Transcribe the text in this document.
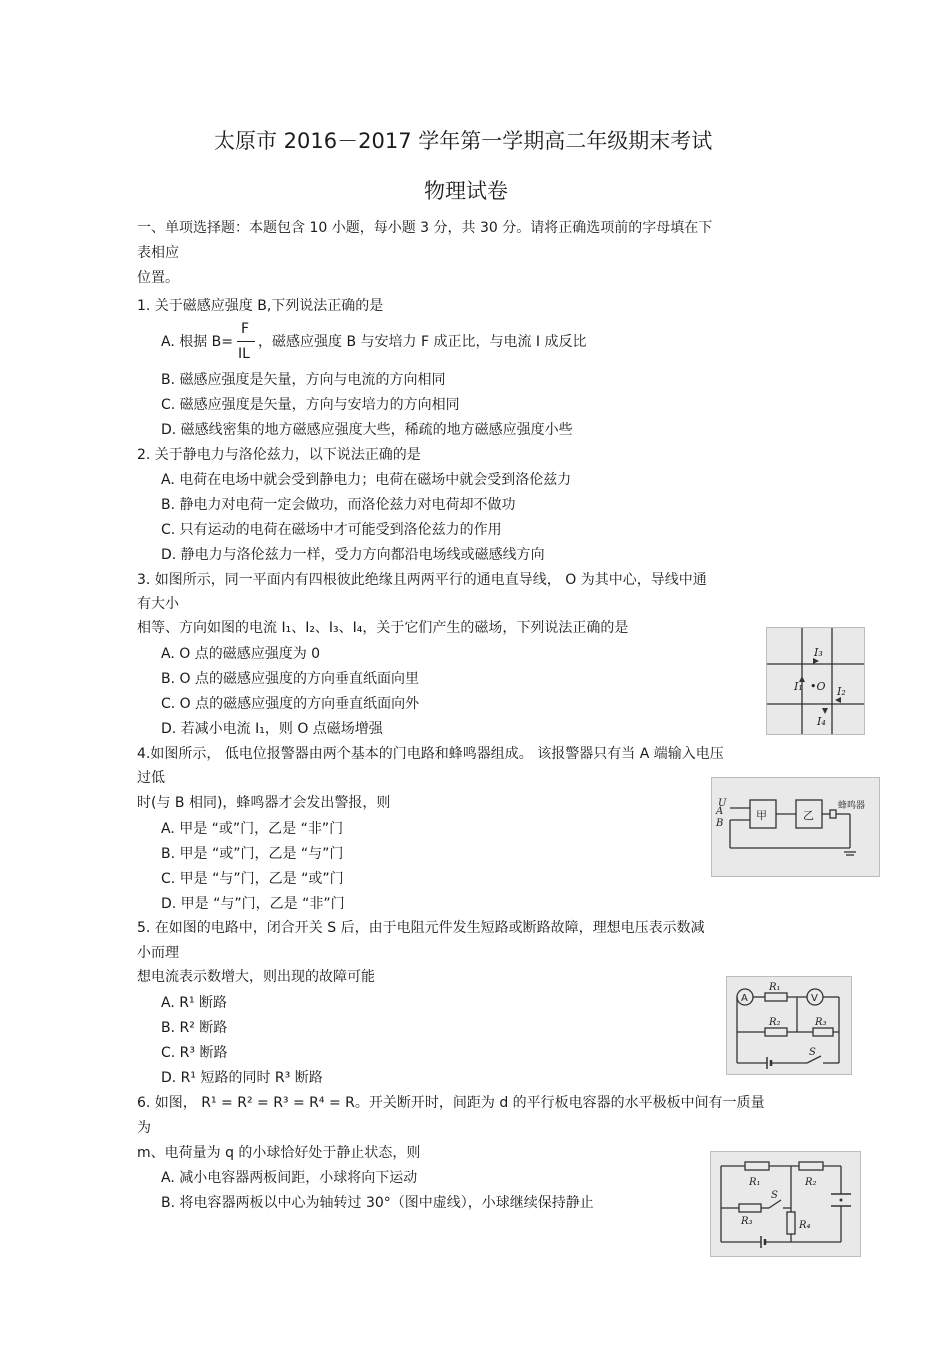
太原市 2016－2017 学年第一学期高二年级期末考试
物理试卷
一、单项选择题：本题包含 10 小题，每小题 3 分，共 30 分。请将正确选项前的字母填在下
表相应
位置。
1. 关于磁感应强度 B,下列说法正确的是
A. 根据 B=
F
IL
，磁感应强度 B 与安培力 F 成正比，与电流 I 成反比
B. 磁感应强度是矢量，方向与电流的方向相同
C. 磁感应强度是矢量，方向与安培力的方向相同
D. 磁感线密集的地方磁感应强度大些，稀疏的地方磁感应强度小些
2. 关于静电力与洛伦兹力，以下说法正确的是
A. 电荷在电场中就会受到静电力；电荷在磁场中就会受到洛伦兹力
B. 静电力对电荷一定会做功，而洛伦兹力对电荷却不做功
C. 只有运动的电荷在磁场中才可能受到洛伦兹力的作用
D. 静电力与洛伦兹力一样，受力方向都沿电场线或磁感线方向
3. 如图所示，同一平面内有四根彼此绝缘且两两平行的通电直导线， O 为其中心，导线中通
有大小
相等、方向如图的电流 I₁、I₂、I₃、I₄，关于它们产生的磁场，下列说法正确的是
A. O 点的磁感应强度为 0
B. O 点的磁感应强度的方向垂直纸面向里
C. O 点的磁感应强度的方向垂直纸面向外
D. 若减小电流 I₁，则 O 点磁场增强
I₃
I₄
I₁	I₂
•O
4.如图所示， 低电位报警器由两个基本的门电路和蜂鸣器组成。 该报警器只有当 A 端输入电压
过低
时(与 B 相同)，蜂鸣器才会发出警报，则
A. 甲是 “或”门，乙是 “非”门
B. 甲是 “或”门，乙是 “与”门
C. 甲是 “与”门，乙是 “或”门
D. 甲是 “与”门，乙是 “非”门
U
A
B
甲	乙
蜂鸣器
5. 在如图的电路中，闭合开关 S 后，由于电阻元件发生短路或断路故障，理想电压表示数减
小而理
想电流表示数增大，则出现的故障可能
A. R¹ 断路
B. R² 断路
C. R³ 断路
D. R¹ 短路的同时 R³ 断路
A	V
R₁
R₂	R₃
S
6. 如图， R¹ = R² = R³ = R⁴ = R。开关断开时，间距为 d 的平行板电容器的水平极板中间有一质量
为
m、电荷量为 q 的小球恰好处于静止状态，则
A. 减小电容器两板间距，小球将向下运动
B. 将电容器两板以中心为轴转过 30°（图中虚线），小球继续保持静止
R₁	R₂
R₃	R₄
S
